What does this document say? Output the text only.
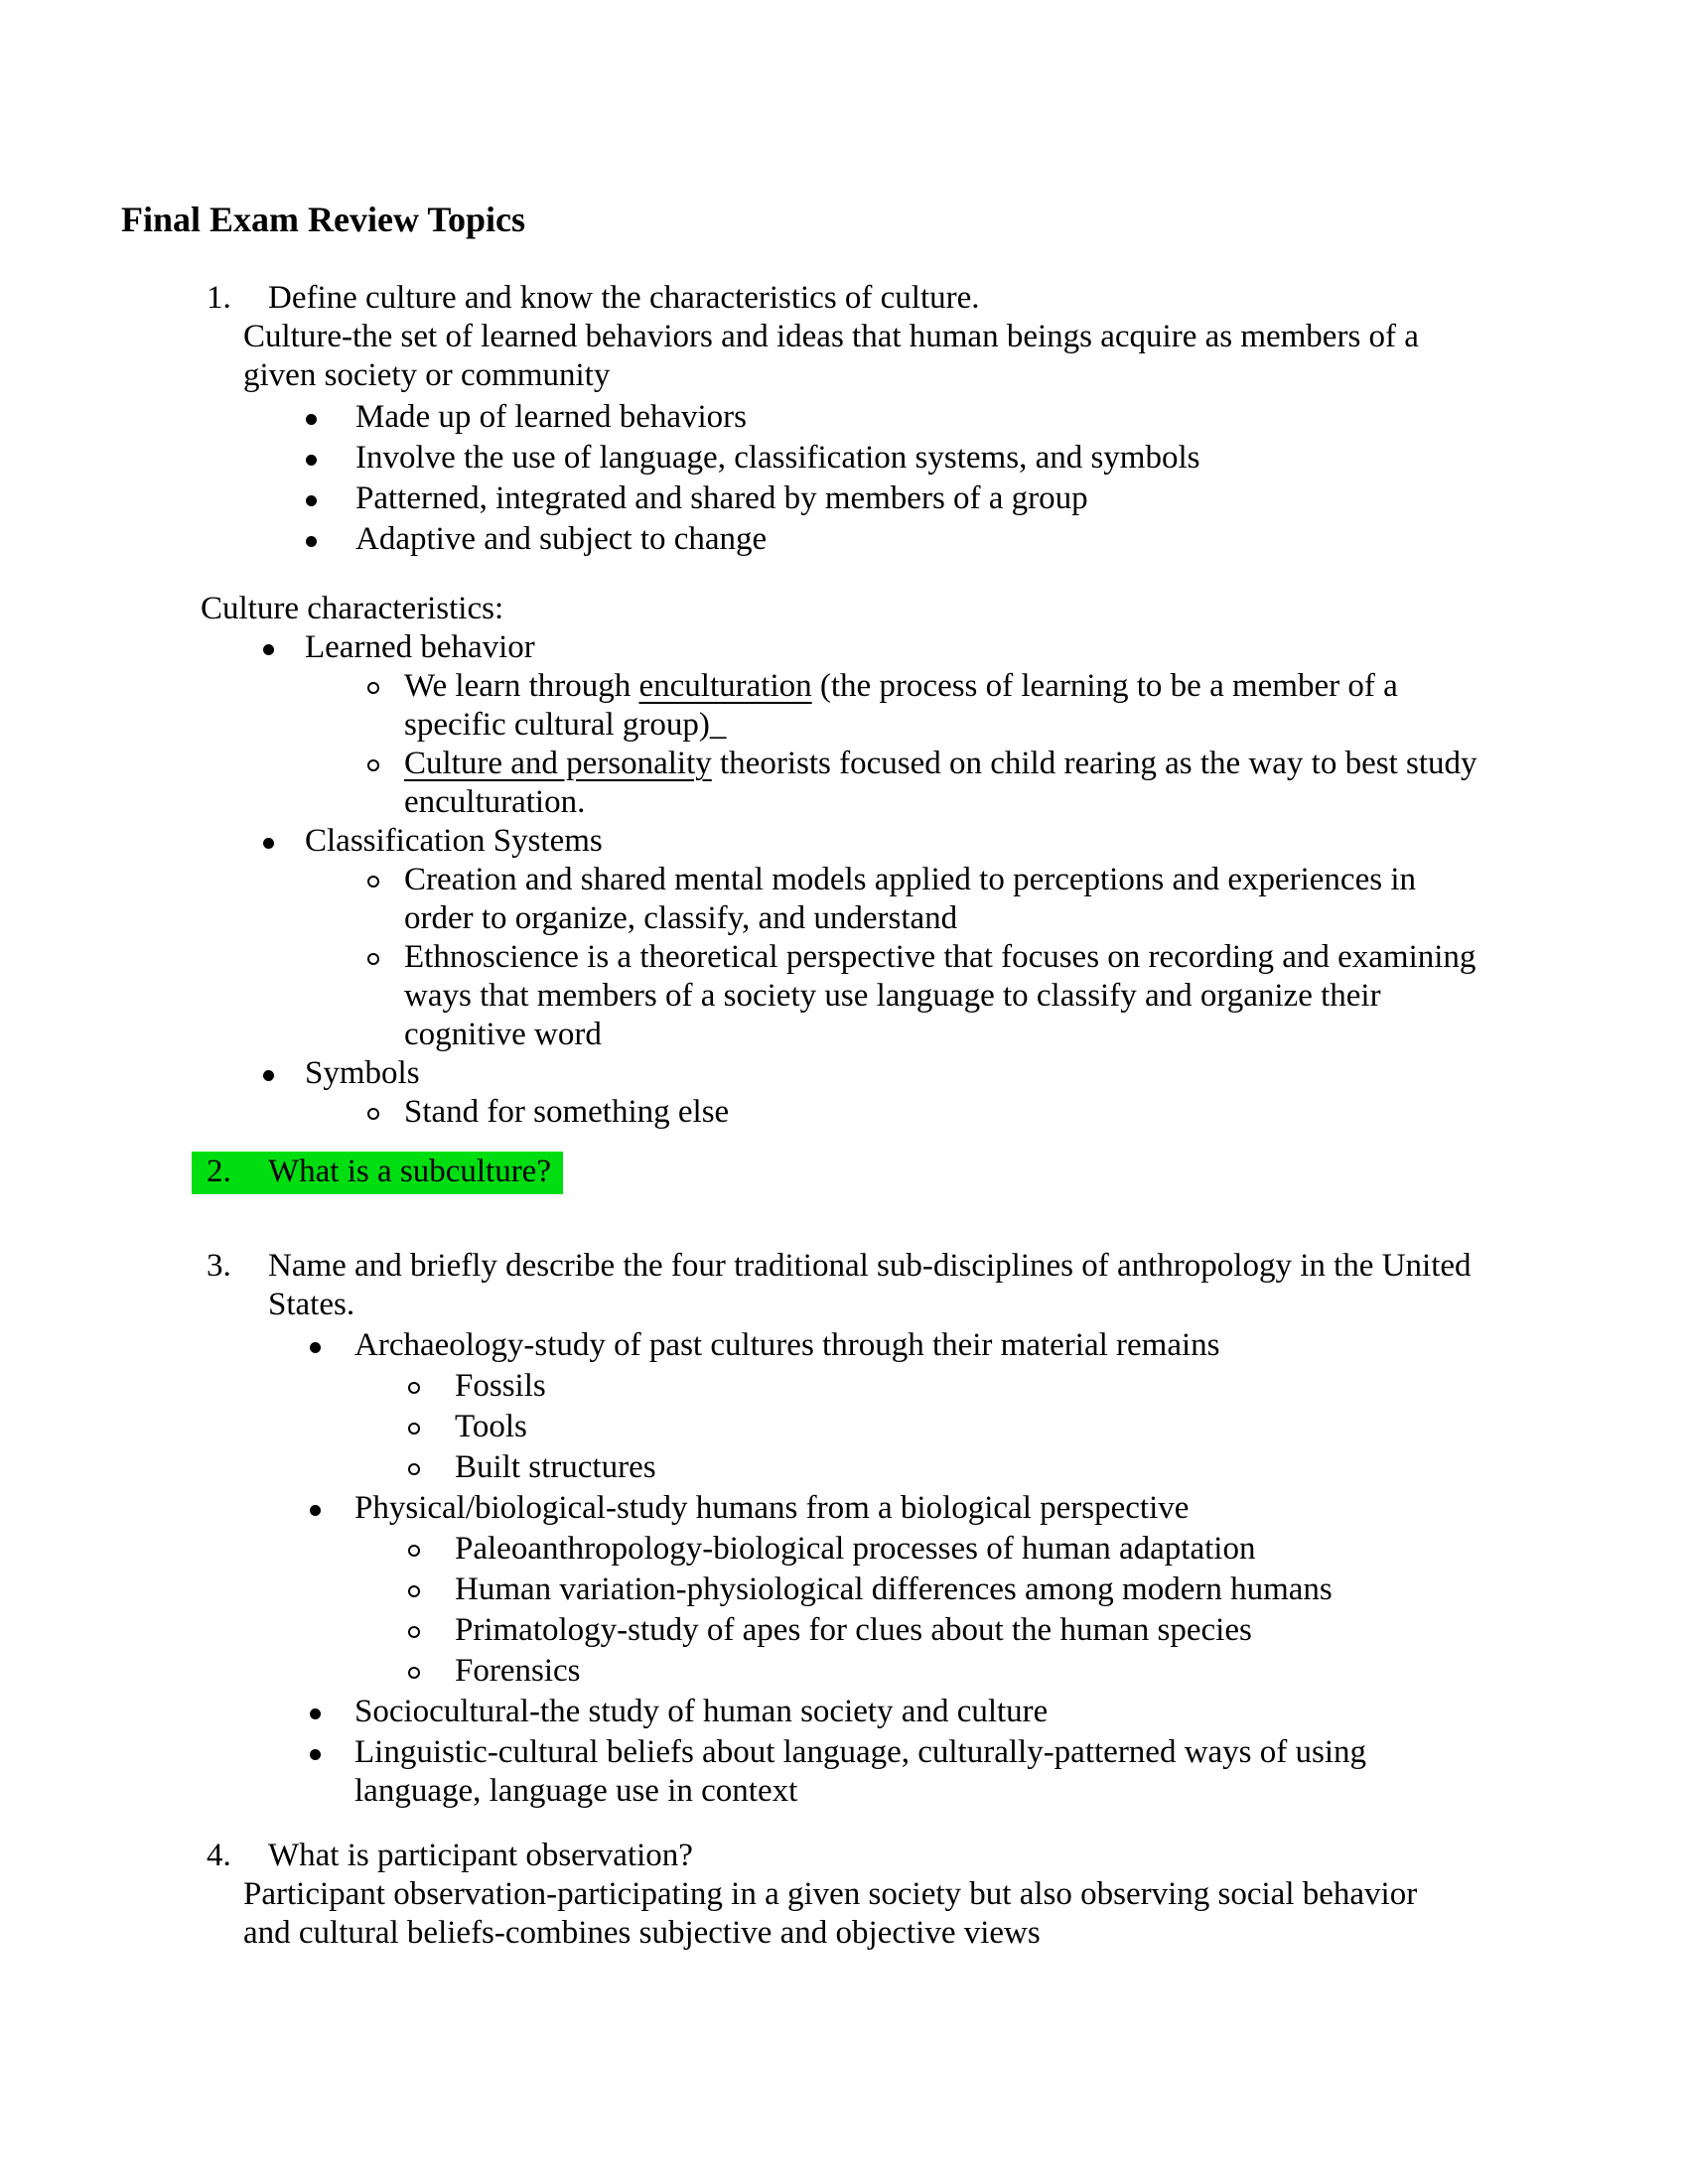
Final Exam Review Topics
1.	Define culture and know the characteristics of culture.

Culture-the set of learned behaviors and ideas that human beings acquire as members of a given society or community

Made up of learned behaviors
Involve the use of language, classification systems, and symbols
Patterned, integrated and shared by members of a group
Adaptive and subject to change

Culture characteristics:

Learned behavior
We learn through enculturation (the process of learning to be a member of a specific cultural group)_
Culture and personality theorists focused on child rearing as the way to best study enculturation.
Classification Systems
Creation and shared mental models applied to perceptions and experiences in order to organize, classify, and understand
Ethnoscience is a theoretical perspective that focuses on recording and examining ways that members of a society use language to classify and organize their cognitive word
Symbols
Stand for something else
2. What is a subculture?
3.	Name and briefly describe the four traditional sub-disciplines of anthropology in the United States.
Archaeology-study of past cultures through their material remains
Fossils
Tools
Built structures
Physical/biological-study humans from a biological perspective
Paleoanthropology-biological processes of human adaptation
Human variation-physiological differences among modern humans
Primatology-study of apes for clues about the human species
Forensics
Sociocultural-the study of human society and culture
Linguistic-cultural beliefs about language, culturally-patterned ways of using language, language use in context
4.	What is participant observation?

Participant observation-participating in a given society but also observing social behavior and cultural beliefs-combines subjective and objective views
